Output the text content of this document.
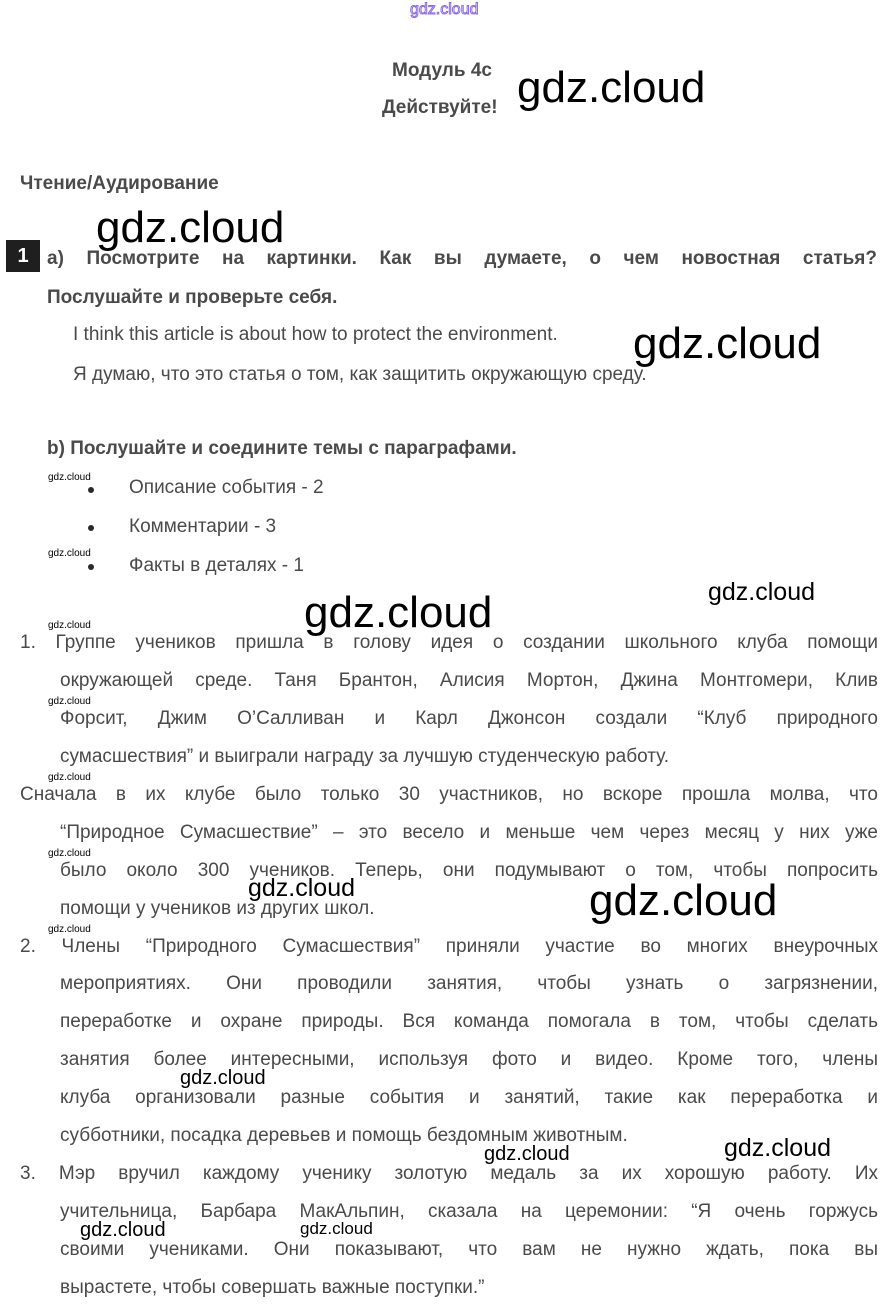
gdz.cloud
Модуль 4c
Действуйте!
Чтение/Аудирование
1 a) Посмотрите на картинки. Как вы думаете, о чем новостная статья?
Послушайте и проверьте себя.
I think this article is about how to protect the environment.
Я думаю, что это статья о том, как защитить окружающую среду.
b) Послушайте и соедините темы с параграфами.
Описание события - 2
Комментарии - 3
Факты в деталях - 1
1. Группе учеников пришла в голову идея о создании школьного клуба помощи
окружающей среде. Таня Брантон, Алисия Мортон, Джина Монтгомери, Клив
Форсит, Джим О’Салливан и Карл Джонсон создали “Клуб природного
сумасшествия” и выиграли награду за лучшую студенческую работу.
Сначала в их клубе было только 30 участников, но вскоре прошла молва, что
“Природное Сумасшествие” – это весело и меньше чем через месяц у них уже
было около 300 учеников. Теперь, они подумывают о том, чтобы попросить
помощи у учеников из других школ.
2. Члены “Природного Сумасшествия” приняли участие во многих внеурочных
мероприятиях. Они проводили занятия, чтобы узнать о загрязнении,
переработке и охране природы. Вся команда помогала в том, чтобы сделать
занятия более интересными, используя фото и видео. Кроме того, члены
клуба организовали разные события и занятий, такие как переработка и
субботники, посадка деревьев и помощь бездомным животным.
3. Мэр вручил каждому ученику золотую медаль за их хорошую работу. Их
учительница, Барбара МакАльпин, сказала на церемонии: “Я очень горжусь
своими учениками. Они показывают, что вам не нужно ждать, пока вы
вырастете, чтобы совершать важные поступки.”
gdz.cloud
gdz.cloud
gdz.cloud
gdz.cloud
gdz.cloud
gdz.cloud
gdz.cloud
gdz.cloud
gdz.cloud
gdz.cloud
gdz.cloud	gdz.cloud
gdz.cloud
gdz.cloud
gdz.cloud
gdz.cloud
gdz.cloud
gdz.cloud
gdz.cloud
